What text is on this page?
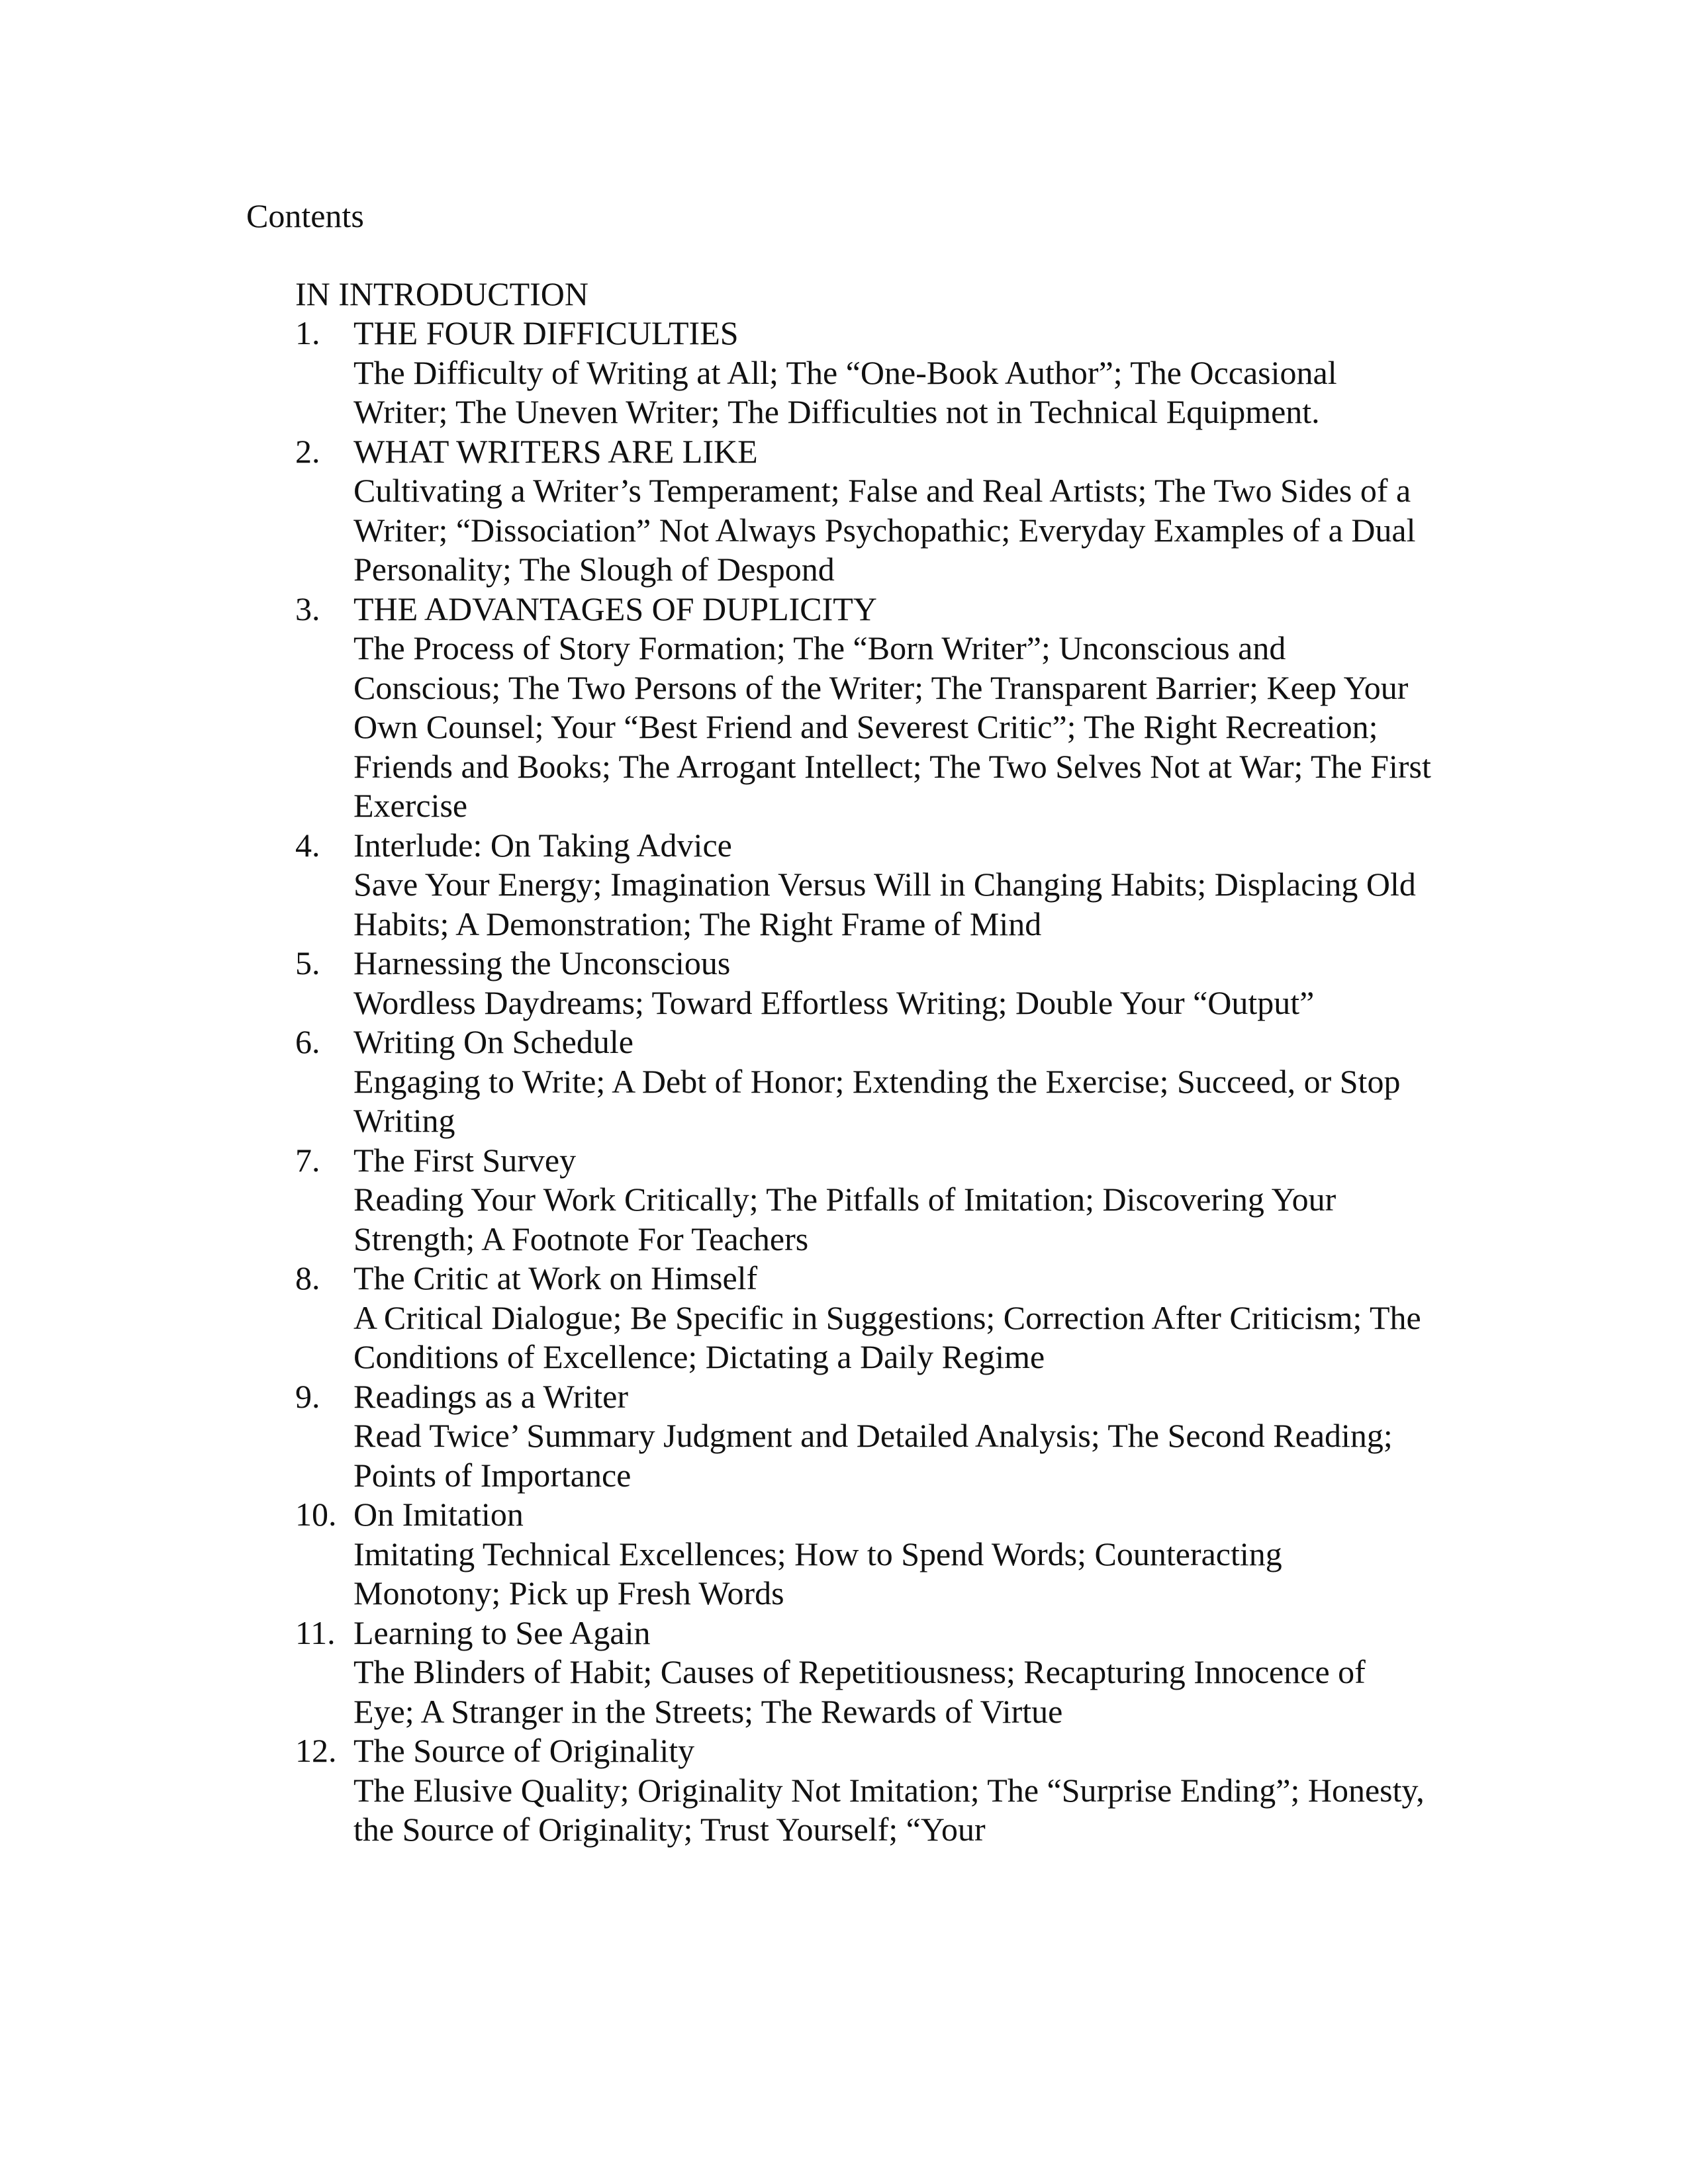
Contents
IN INTRODUCTION
1. THE FOUR DIFFICULTIES
The Difficulty of Writing at All; The “One-Book Author”; The Occasional Writer; The Uneven Writer; The Difficulties not in Technical Equipment.
2. WHAT WRITERS ARE LIKE
Cultivating a Writer’s Temperament; False and Real Artists; The Two Sides of a Writer; “Dissociation” Not Always Psychopathic; Everyday Examples of a Dual Personality; The Slough of Despond
3. THE ADVANTAGES OF DUPLICITY
The Process of Story Formation; The “Born Writer”; Unconscious and Conscious; The Two Persons of the Writer; The Transparent Barrier; Keep Your Own Counsel; Your “Best Friend and Severest Critic”; The Right Recreation; Friends and Books; The Arrogant Intellect; The Two Selves Not at War; The First Exercise
4. Interlude: On Taking Advice
Save Your Energy; Imagination Versus Will in Changing Habits; Displacing Old Habits; A Demonstration; The Right Frame of Mind
5. Harnessing the Unconscious
Wordless Daydreams; Toward Effortless Writing; Double Your “Output”
6. Writing On Schedule
Engaging to Write; A Debt of Honor; Extending the Exercise; Succeed, or Stop Writing
7. The First Survey
Reading Your Work Critically; The Pitfalls of Imitation; Discovering Your Strength; A Footnote For Teachers
8. The Critic at Work on Himself
A Critical Dialogue; Be Specific in Suggestions; Correction After Criticism; The Conditions of Excellence; Dictating a Daily Regime
9. Readings as a Writer
Read Twice’ Summary Judgment and Detailed Analysis; The Second Reading; Points of Importance
10. On Imitation
Imitating Technical Excellences; How to Spend Words; Counteracting Monotony; Pick up Fresh Words
11. Learning to See Again
The Blinders of Habit; Causes of Repetitiousness; Recapturing Innocence of Eye; A Stranger in the Streets; The Rewards of Virtue
12. The Source of Originality
The Elusive Quality; Originality Not Imitation; The “Surprise Ending”; Honesty, the Source of Originality; Trust Yourself; “Your
